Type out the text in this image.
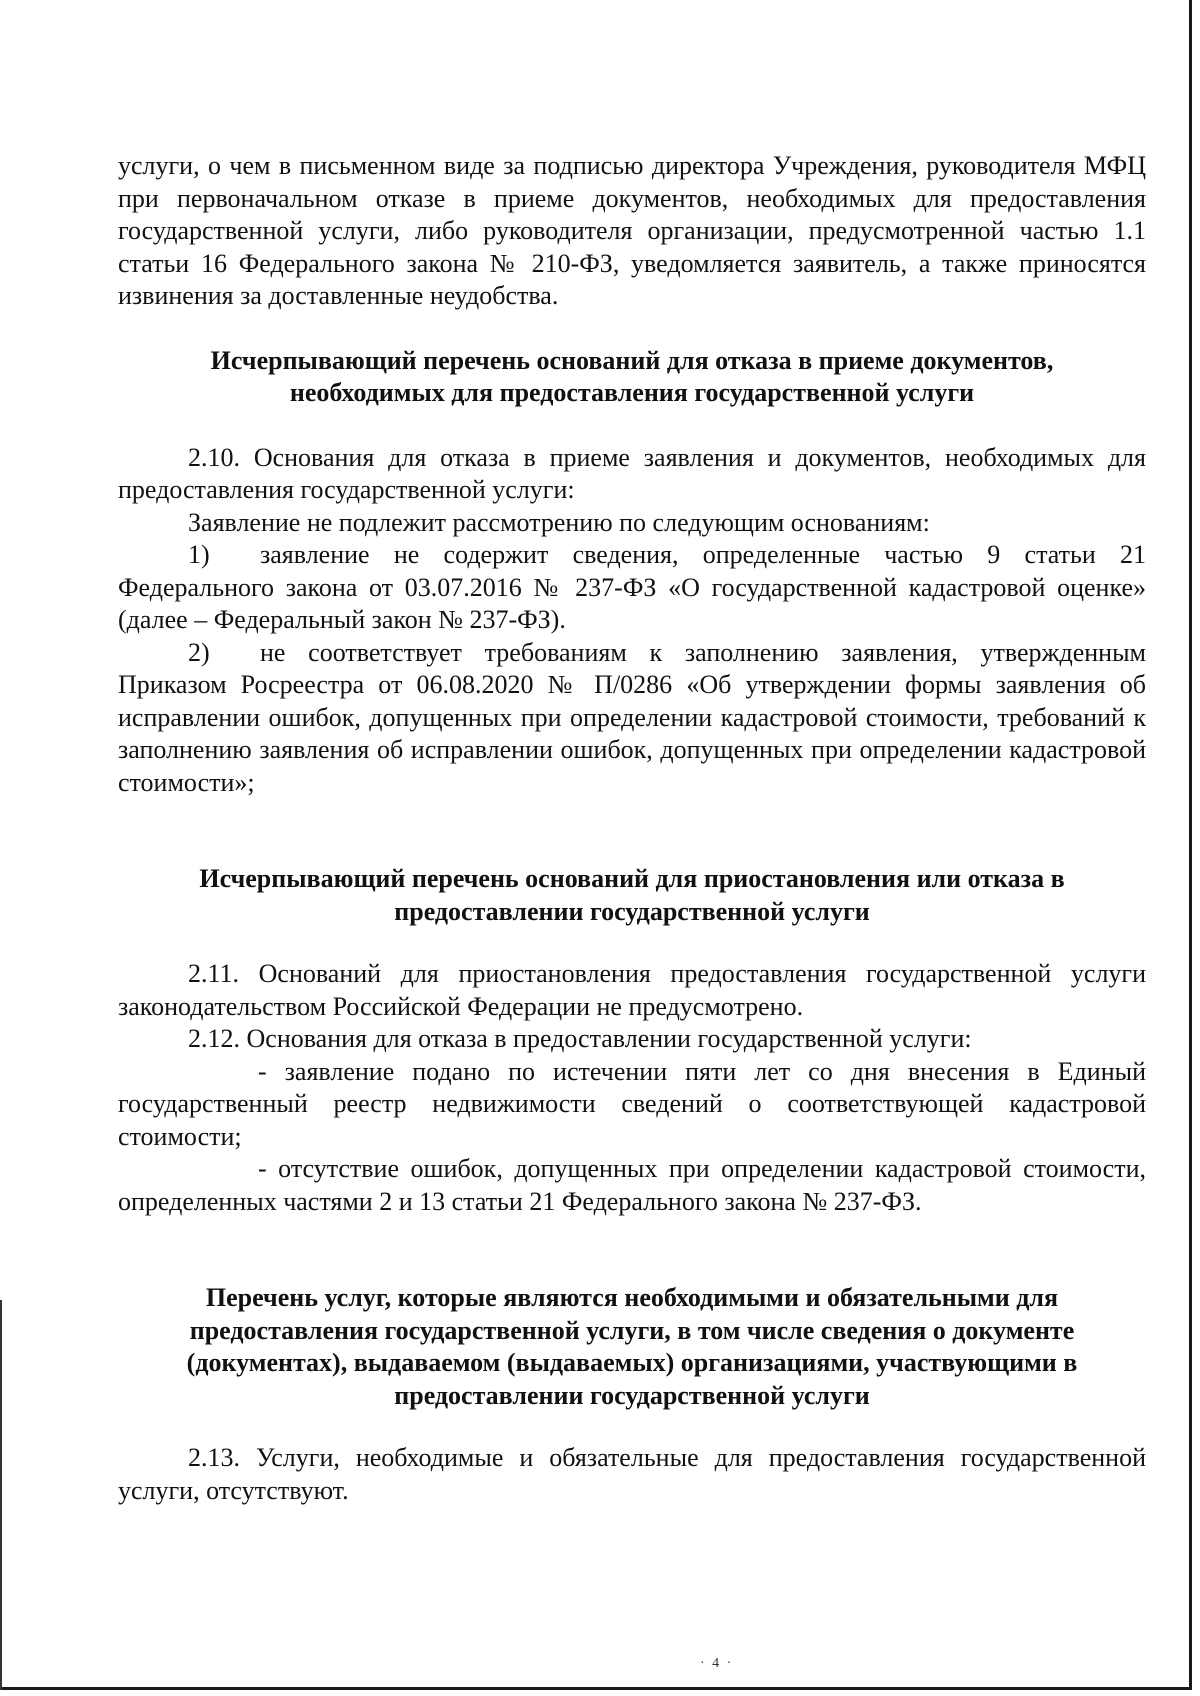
услуги, о чем в письменном виде за подписью директора Учреждения, руководителя МФЦ при первоначальном отказе в приеме документов, необходимых для предоставления государственной услуги, либо руководителя организации, предусмотренной частью 1.1 статьи 16 Федерального закона № 210-ФЗ, уведомляется заявитель, а также приносятся извинения за доставленные неудобства.

Исчерпывающий перечень оснований для отказа в приеме документов,
необходимых для предоставления государственной услуги

2.10. Основания для отказа в приеме заявления и документов, необходимых для предоставления государственной услуги:

Заявление не подлежит рассмотрению по следующим основаниям:

1) заявление не содержит сведения, определенные частью 9 статьи 21 Федерального закона от 03.07.2016 № 237-ФЗ «О государственной кадастровой оценке» (далее – Федеральный закон № 237-ФЗ).

2) не соответствует требованиям к заполнению заявления, утвержденным Приказом Росреестра от 06.08.2020 № П/0286 «Об утверждении формы заявления об исправлении ошибок, допущенных при определении кадастровой стоимости, требований к заполнению заявления об исправлении ошибок, допущенных при определении кадастровой стоимости»;

Исчерпывающий перечень оснований для приостановления или отказа в
предоставлении государственной услуги

2.11. Оснований для приостановления предоставления государственной услуги законодательством Российской Федерации не предусмотрено.

2.12. Основания для отказа в предоставлении государственной услуги:

- заявление подано по истечении пяти лет со дня внесения в Единый государственный реестр недвижимости сведений о соответствующей кадастровой стоимости;

- отсутствие ошибок, допущенных при определении кадастровой стоимости, определенных частями 2 и 13 статьи 21 Федерального закона № 237-ФЗ.

Перечень услуг, которые являются необходимыми и обязательными для
предоставления государственной услуги, в том числе сведения о документе
(документах), выдаваемом (выдаваемых) организациями, участвующими в
предоставлении государственной услуги

2.13. Услуги, необходимые и обязательные для предоставления государственной услуги, отсутствуют.

· 4 ·
